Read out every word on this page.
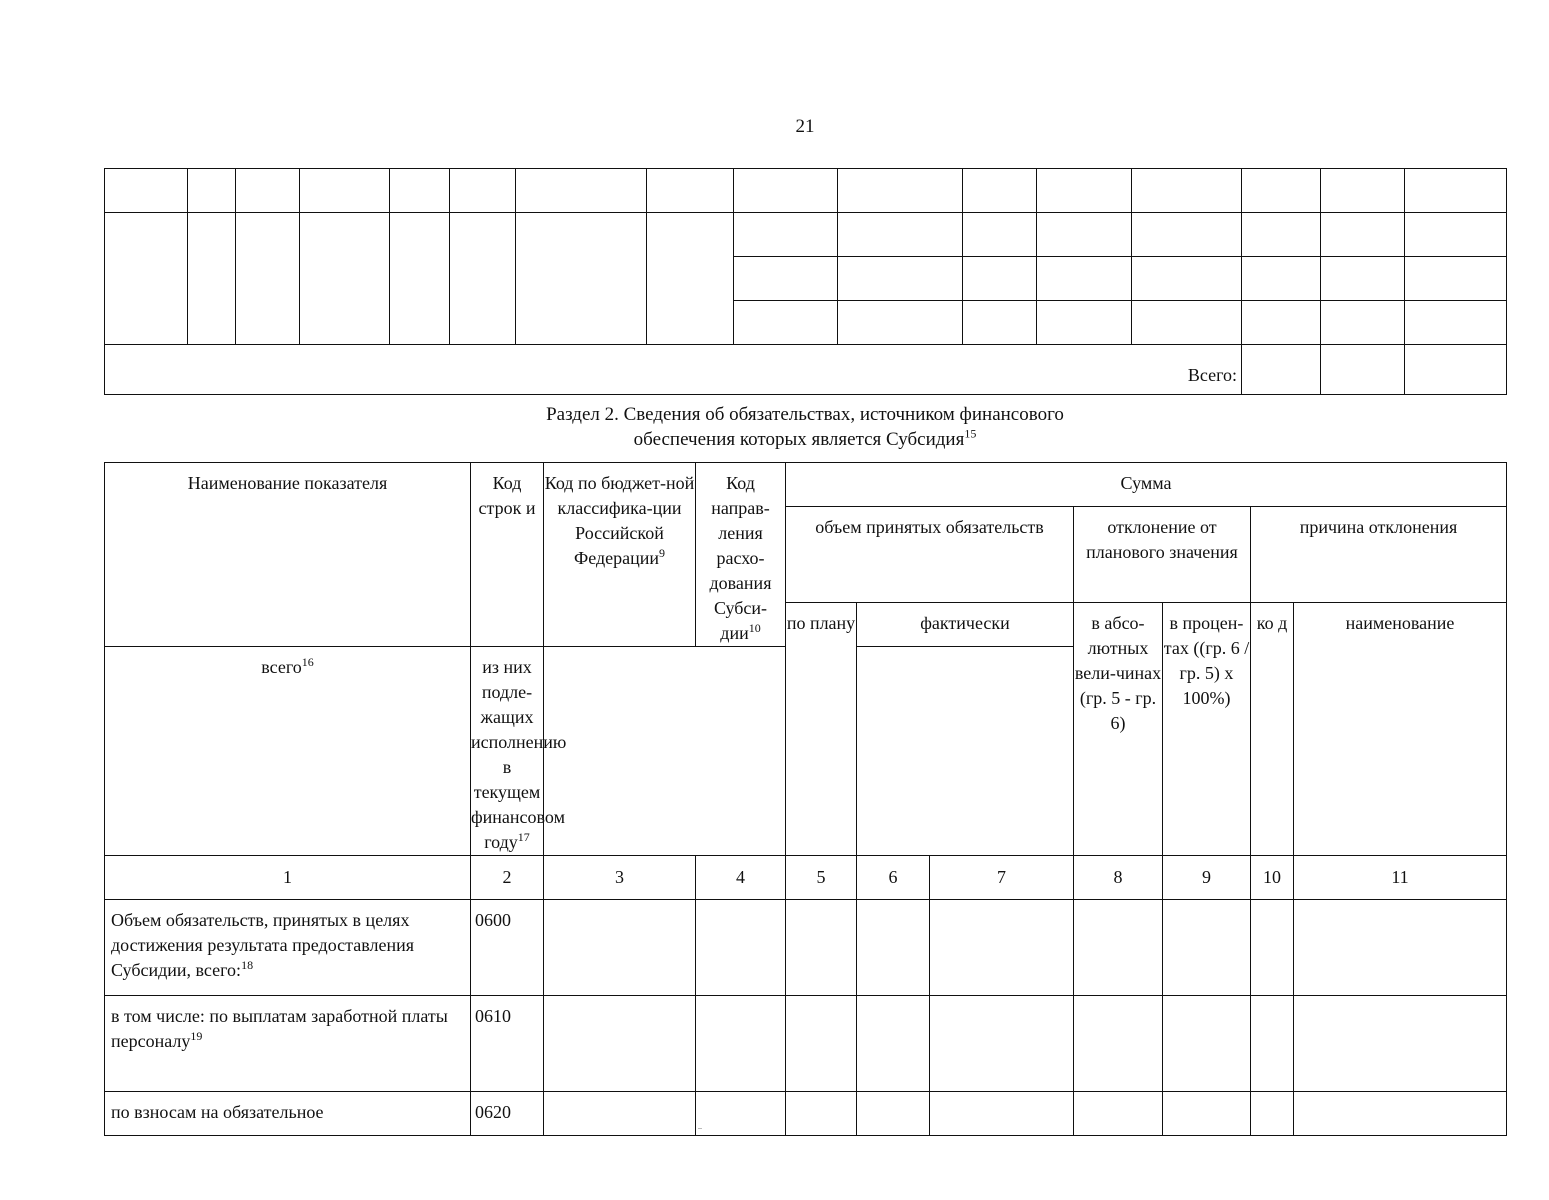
21

Всего:															
Раздел 2. Сведения об обязательствах, источником финансового
обеспечения которых является Субсидия$^{15}$
Наименование показателя	Код строк и	Код по бюджет-ной классифика-ции Российской Федерации$^9$	Код направ-ления расхо-дования Субси-дии$^{10}$	Сумма						
				объем принятых обязательств			отклонение от планового значения		причина отклонения	
				по плану	фактически		в абсо-лютных вели-чинах (гр. 5 - гр. 6)	в процен-тах ((гр. 6 / гр. 5) х 100%)	ко д	наименование
всего$^{16}$	из них подле-жащих исполнению в текущем финансовом году$^{17}$
1	2	3	4	5	6	7	8	9	10	11
Объем обязательств, принятых в целях достижения результата предоставления Субсидии, всего:$^{18}$	0600									
в том числе: по выплатам заработной платы персоналу$^{19}$	0610									
по взносам на обязательное	0620									
